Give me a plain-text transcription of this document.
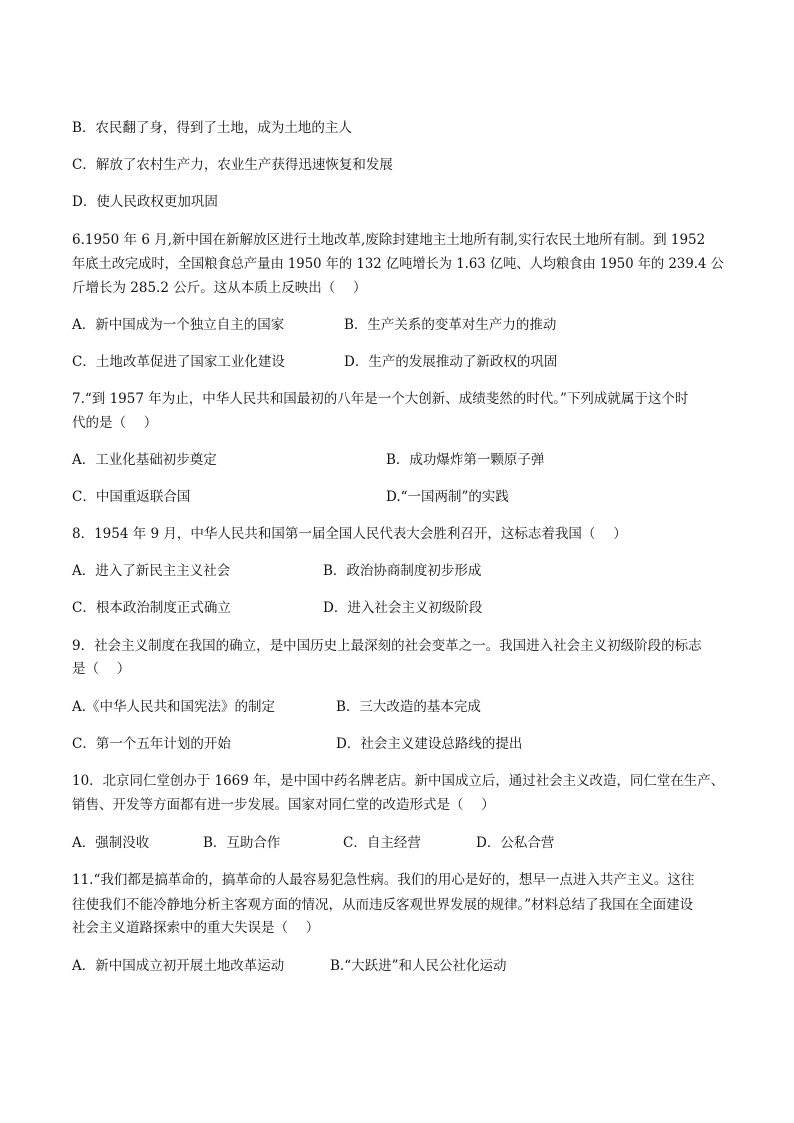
B．农民翻了身，得到了土地，成为土地的主人
C．解放了农村生产力，农业生产获得迅速恢复和发展
D．使人民政权更加巩固
6.1950 年 6 月,新中国在新解放区进行土地改革,废除封建地主土地所有制,实行农民土地所有制。到 1952
年底土改完成时，全国粮食总产量由 1950 年的 132 亿吨增长为 1.63 亿吨、人均粮食由 1950 年的 239.4 公
斤增长为 285.2 公斤。这从本质上反映出（　 ）
A．新中国成为一个独立自主的国家	B．生产关系的变革对生产力的推动
C．土地改革促进了国家工业化建设	D．生产的发展推动了新政权的巩固
7.“到 1957 年为止，中华人民共和国最初的八年是一个大创新、成绩斐然的时代。”下列成就属于这个时
代的是（　 ）
A．工业化基础初步奠定	B．成功爆炸第一颗原子弹
C．中国重返联合国	D.“一国两制”的实践
8．1954 年 9 月，中华人民共和国第一届全国人民代表大会胜利召开，这标志着我国（　 ）
A．进入了新民主主义社会	B．政治协商制度初步形成
C．根本政治制度正式确立	D．进入社会主义初级阶段
9．社会主义制度在我国的确立，是中国历史上最深刻的社会变革之一。我国进入社会主义初级阶段的标志
是（　 ）
A.《中华人民共和国宪法》的制定	B．三大改造的基本完成
C．第一个五年计划的开始	D．社会主义建设总路线的提出
10．北京同仁堂创办于 1669 年，是中国中药名牌老店。新中国成立后，通过社会主义改造，同仁堂在生产、
销售、开发等方面都有进一步发展。国家对同仁堂的改造形式是（　 ）
A．强制没收	B．互助合作	C．自主经营	D．公私合营
11.“我们都是搞革命的，搞革命的人最容易犯急性病。我们的用心是好的，想早一点进入共产主义。这往
往使我们不能冷静地分析主客观方面的情况，从而违反客观世界发展的规律。”材料总结了我国在全面建设
社会主义道路探索中的重大失误是（　 ）
A．新中国成立初开展土地改革运动	B.“大跃进”和人民公社化运动
